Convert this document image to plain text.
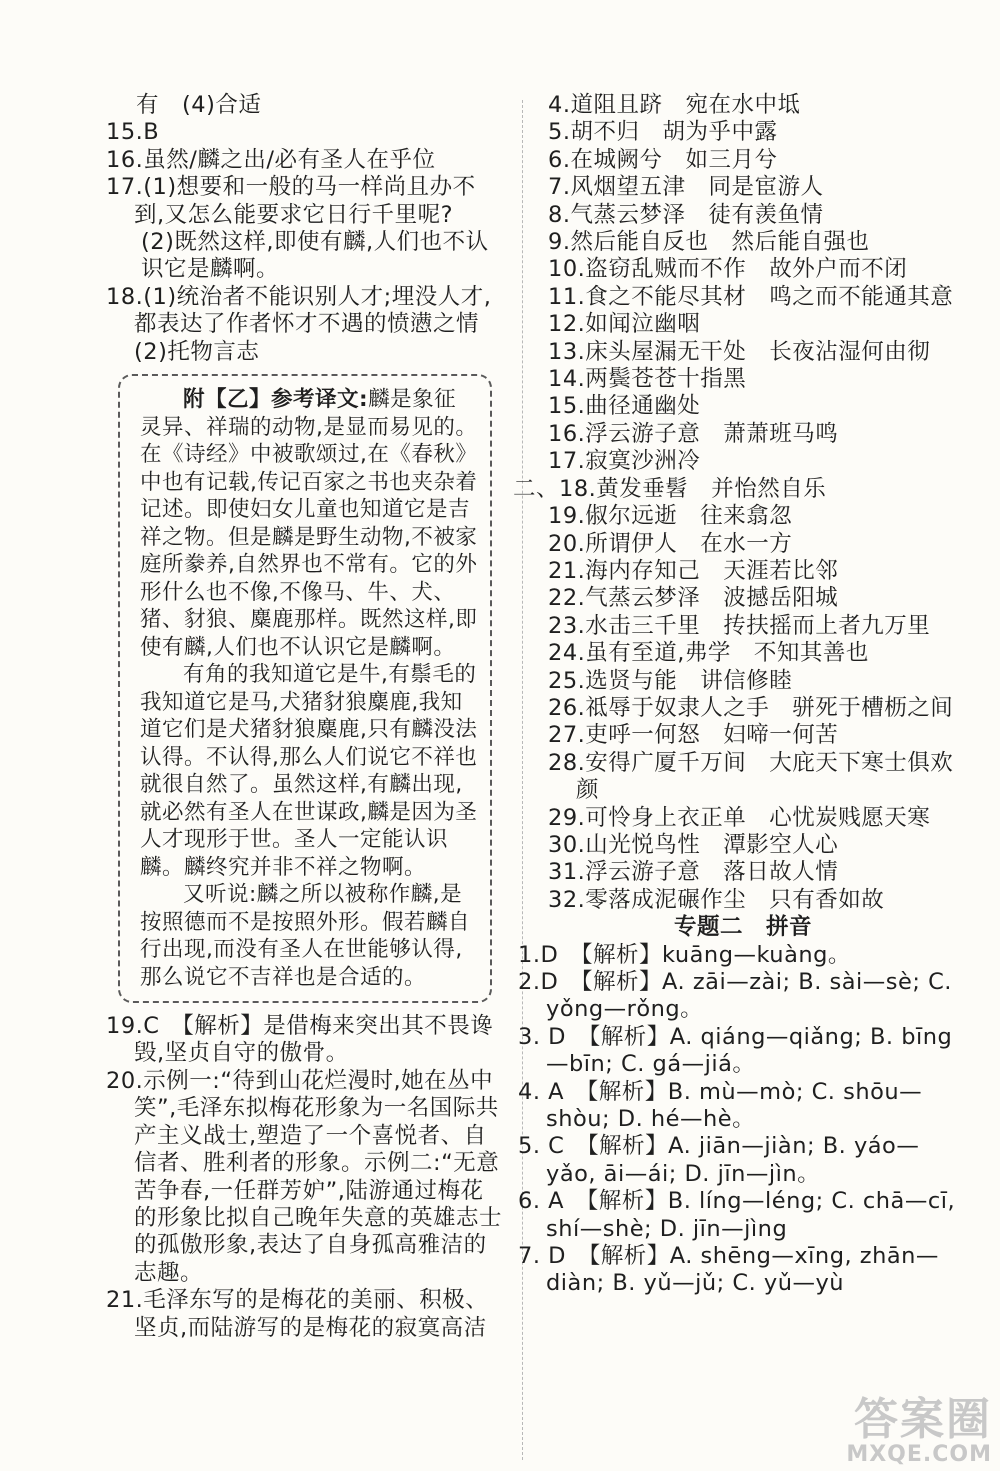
有　(4)合适
15.B
16.虽然/麟之出/必有圣人在乎位
17.(1)想要和一般的马一样尚且办不到,又怎么能要求它日行千里呢?
(2)既然这样,即使有麟,人们也不认识它是麟啊。
18.(1)统治者不能识别人才;埋没人才,都表达了作者怀才不遇的愤懑之情　(2)托物言志

附【乙】参考译文:麟是象征灵异、祥瑞的动物,是显而易见的。在《诗经》中被歌颂过,在《春秋》中也有记载,传记百家之书也夹杂着记述。即使妇女儿童也知道它是吉祥之物。但是麟是野生动物,不被家庭所豢养,自然界也不常有。它的外形什么也不像,不像马、牛、犬、猪、豺狼、麋鹿那样。既然这样,即使有麟,人们也不认识它是麟啊。

有角的我知道它是牛,有鬃毛的我知道它是马,犬猪豺狼麋鹿,我知道它们是犬猪豺狼麋鹿,只有麟没法认得。不认得,那么人们说它不祥也就很自然了。虽然这样,有麟出现,就必然有圣人在世谋政,麟是因为圣人才现形于世。圣人一定能认识麟。麟终究并非不祥之物啊。

又听说:麟之所以被称作麟,是按照德而不是按照外形。假若麟自行出现,而没有圣人在世能够认得,那么说它不吉祥也是合适的。

19.C　【解析】是借梅来突出其不畏谗毁,坚贞自守的傲骨。
20.示例一:“待到山花烂漫时,她在丛中笑”,毛泽东拟梅花形象为一名国际共产主义战士,塑造了一个喜悦者、自信者、胜利者的形象。示例二:“无意苦争春,一任群芳妒”,陆游通过梅花的形象比拟自己晚年失意的英雄志士的孤傲形象,表达了自身孤高雅洁的志趣。
21.毛泽东写的是梅花的美丽、积极、坚贞,而陆游写的是梅花的寂寞高洁
4.道阻且跻　宛在水中坻
5.胡不归　胡为乎中露
6.在城阙兮　如三月兮
7.风烟望五津　同是宦游人
8.气蒸云梦泽　徒有羡鱼情
9.然后能自反也　然后能自强也
10.盗窃乱贼而不作　故外户而不闭
11.食之不能尽其材　鸣之而不能通其意
12.如闻泣幽咽
13.床头屋漏无干处　长夜沾湿何由彻
14.两鬓苍苍十指黑
15.曲径通幽处
16.浮云游子意　萧萧班马鸣
17.寂寞沙洲冷
二、18.黄发垂髫　并怡然自乐
19.俶尔远逝　往来翕忽
20.所谓伊人　在水一方
21.海内存知己　天涯若比邻
22.气蒸云梦泽　波撼岳阳城
23.水击三千里　抟扶摇而上者九万里
24.虽有至道,弗学　不知其善也
25.选贤与能　讲信修睦
26.祗辱于奴隶人之手　骈死于槽枥之间
27.吏呼一何怒　妇啼一何苦
28.安得广厦千万间　大庇天下寒士俱欢颜
29.可怜身上衣正单　心忧炭贱愿天寒
30.山光悦鸟性　潭影空人心
31.浮云游子意　落日故人情
32.零落成泥碾作尘　只有香如故
专题二　拼音
1.D　【解析】kuāng—kuàng。
2.D　【解析】A. zāi—zài; B. sài—sè; C. yǒng—rǒng。
3. D　【解析】A. qiáng—qiǎng; B. bīng—bīn; C. gá—jiá。
4. A　【解析】B. mù—mò; C. shōu—shòu; D. hé—hè。
5. C　【解析】A. jiān—jiàn; B. yáo—yǎo, āi—ái; D. jīn—jìn。
6. A　【解析】B. líng—léng; C. chā—cī, shí—shè; D. jīn—jìng
7. D　【解析】A. shēng—xīng, zhān—diàn; B. yǔ—jǔ; C. yǔ—yù
答案圈
MXQE.COM
